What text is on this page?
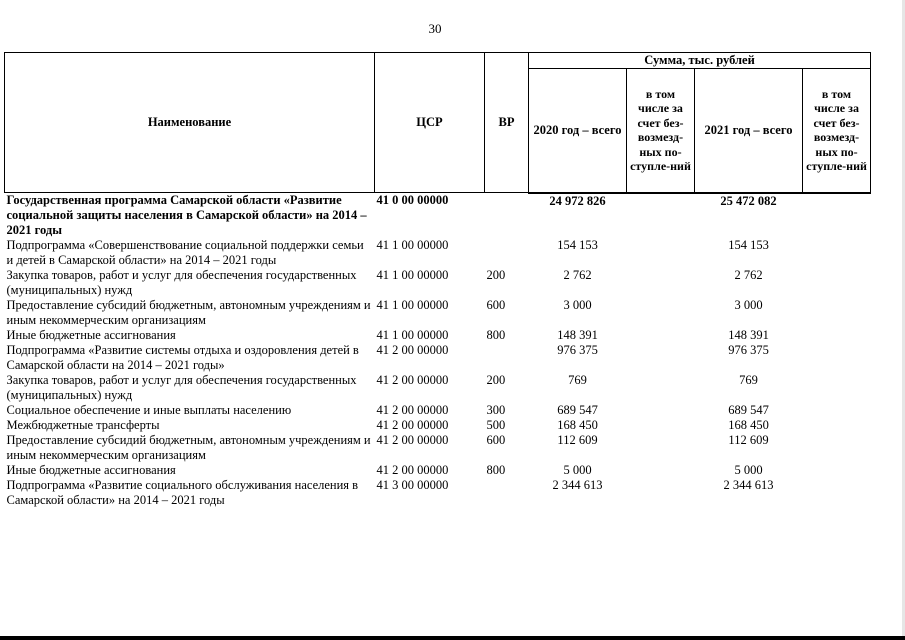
30
Наименование	ЦСР	ВР	Сумма, тыс. рублей			
			2020 год – всего	в том числе за счет без-возмезд-ных по-ступле-ний	2021 год – всего	в том числе за счет без-возмезд-ных по-ступле-ний
Государственная программа Самарской области «Развитие социальной защиты населения в Самарской области» на 2014 – 2021 годы	41 0 00 00000		24 972 826		25 472 082	
Подпрограмма «Совершенствование социальной поддержки семьи и детей в Самарской области» на 2014 – 2021 годы	41 1 00 00000		154 153		154 153	
Закупка товаров, работ и услуг для обеспечения государственных (муниципальных) нужд	41 1 00 00000	200	2 762		2 762	
Предоставление субсидий бюджетным, автономным учреждениям и иным некоммерческим организациям	41 1 00 00000	600	3 000		3 000	
Иные бюджетные ассигнования	41 1 00 00000	800	148 391		148 391	
Подпрограмма «Развитие системы отдыха и оздоровления детей в Самарской области на 2014 – 2021 годы»	41 2 00 00000		976 375		976 375	
Закупка товаров, работ и услуг для обеспечения государственных (муниципальных) нужд	41 2 00 00000	200	769		769	
Социальное обеспечение и иные выплаты населению	41 2 00 00000	300	689 547		689 547	
Межбюджетные трансферты	41 2 00 00000	500	168 450		168 450	
Предоставление субсидий бюджетным, автономным учреждениям и иным некоммерческим организациям	41 2 00 00000	600	112 609		112 609	
Иные бюджетные ассигнования	41 2 00 00000	800	5 000		5 000	
Подпрограмма «Развитие социального обслуживания населения в Самарской области» на 2014 – 2021 годы	41 3 00 00000		2 344 613		2 344 613	
